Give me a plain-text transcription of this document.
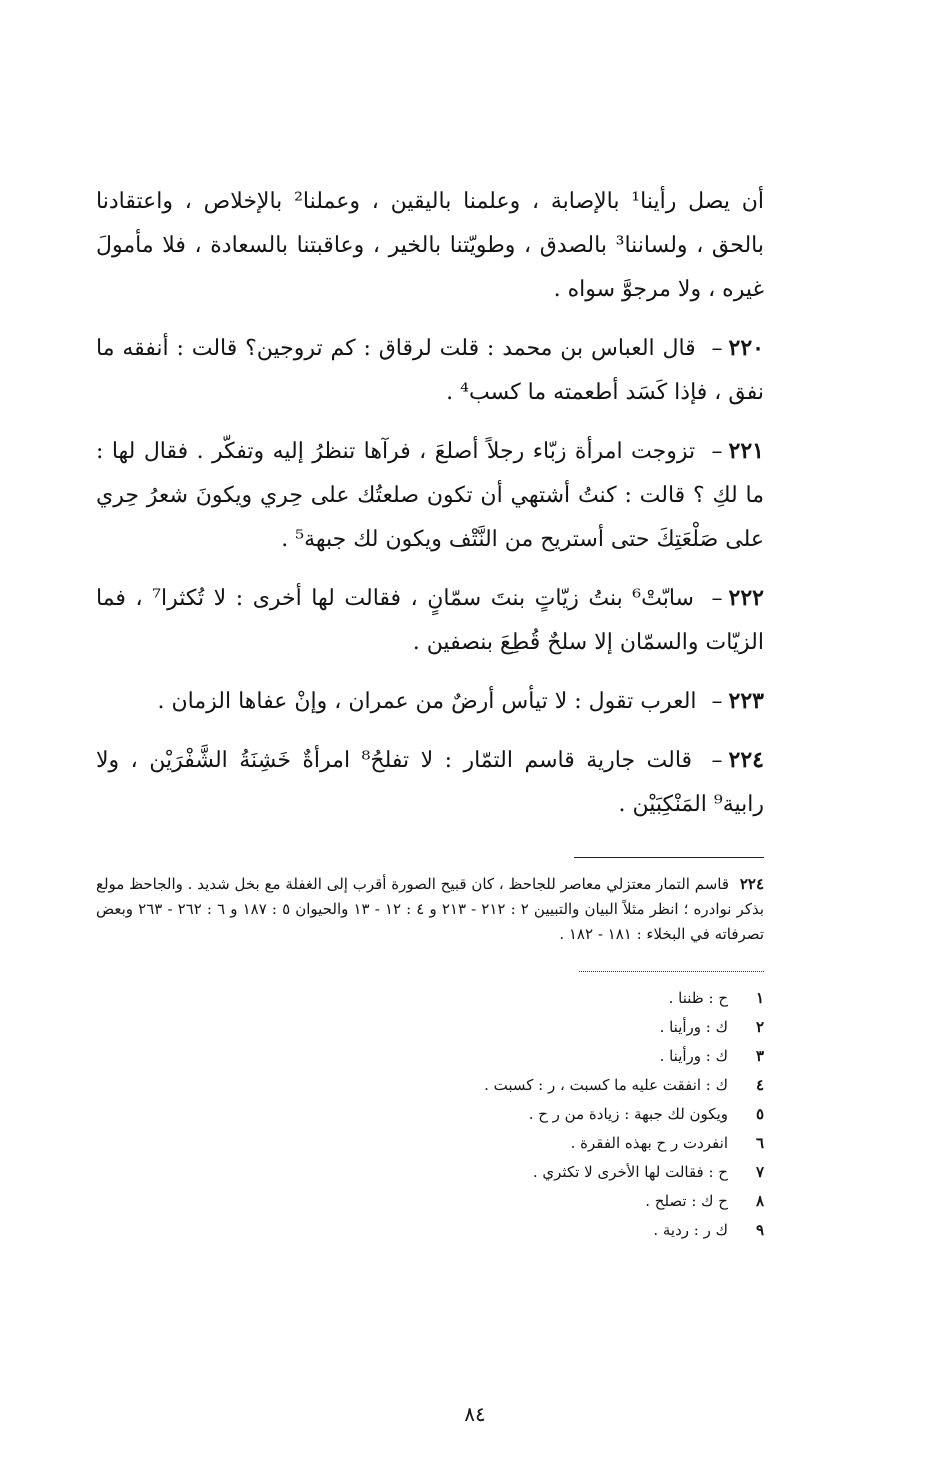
أن يصل رأينا¹ بالإصابة ، وعلمنا باليقين ، وعملنا² بالإخلاص ، واعتقادنا بالحق ، ولساننا³ بالصدق ، وطويّتنا بالخير ، وعاقبتنا بالسعادة ، فلا مأمولَ غيره ، ولا مرجوَّ سواه .

٢٢٠– قال العباس بن محمد : قلت لرقاق : كم تروجين؟ قالت : أنفقه ما نفق ، فإذا كَسَد أطعمته ما كسب⁴ .

٢٢١– تزوجت امرأة زبّاء رجلاً أصلعَ ، فرآها تنظرُ إليه وتفكّر . فقال لها : ما لكِ ؟ قالت : كنتُ أشتهي أن تكون صلعتُك على حِري ويكونَ شعرُ حِري على صَلْعَتِكَ حتى أستريح من النَّتْف ويكون لك جبهة⁵ .

٢٢٢– سابّتْ⁶ بنتُ زيّاتٍ بنتَ سمّانٍ ، فقالت لها أخرى : لا تُكثرا⁷ ، فما الزيّات والسمّان إلا سلحٌ قُطِعَ بنصفين .

٢٢٣– العرب تقول : لا تيأس أرضٌ من عمران ، وإنْ عفاها الزمان .

٢٢٤– قالت جارية قاسم التمّار : لا تفلحُ⁸ امرأةٌ خَشِنَةُ الشَّفْرَيْن ، ولا رابية⁹ المَنْكِبَيْن .

٢٢٤ قاسم التمار معتزلي معاصر للجاحظ ، كان قبيح الصورة أقرب إلى الغفلة مع بخل شديد . والجاحظ مولع بذكر نوادره ؛ انظر مثلاً البيان والتبيين ٢ : ٢١٢ - ٢١٣ و ٤ : ١٢ - ١٣ والحيوان ٥ : ١٨٧ و ٦ : ٢٦٢ - ٢٦٣ وبعض تصرفاته في البخلاء : ١٨١ - ١٨٢ .
١
ح : ظننا .
٢
ك : ورأينا .
٣
ك : ورأينا .
٤
ك : انفقت عليه ما كسبت ، ر : كسبت .
٥
ويكون لك جبهة : زيادة من ر ح .
٦
انفردت ر ح بهذه الفقرة .
٧
ح : فقالت لها الأخرى لا تكثري .
٨
ح ك : تصلح .
٩
ك ر : ردية .
٨٤
